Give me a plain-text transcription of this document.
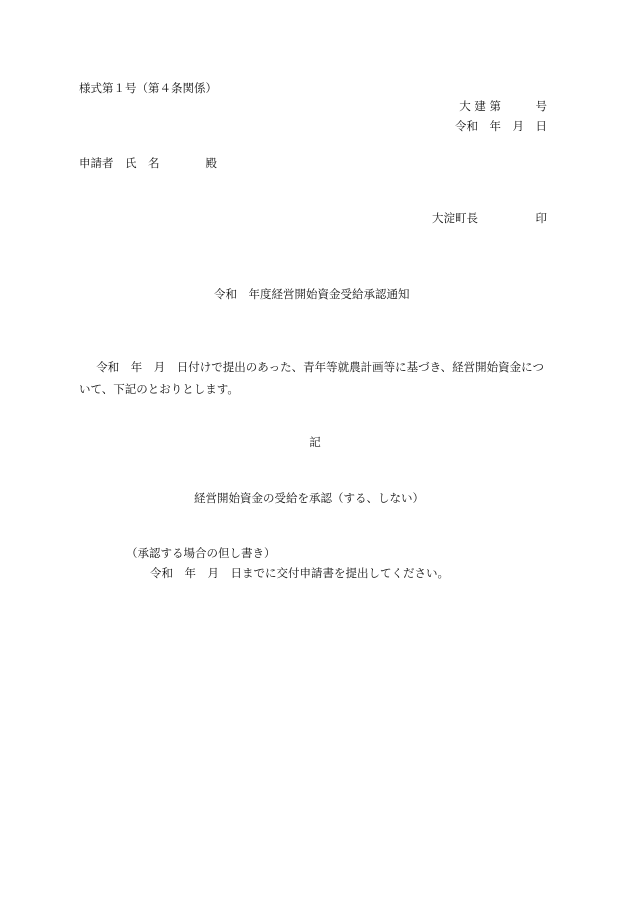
様式第１号（第４条関係）
大 建 第　　　号
令和　年　月　日
申請者　氏　名　　　　殿
大淀町長　　　　　印
令和　年度経営開始資金受給承認通知
令和　年　月　日付けで提出のあった、青年等就農計画等に基づき、経営開始資金について、下記のとおりとします。
記
経営開始資金の受給を承認（する、しない）
（承認する場合の但し書き）
令和　年　月　日までに交付申請書を提出してください。
